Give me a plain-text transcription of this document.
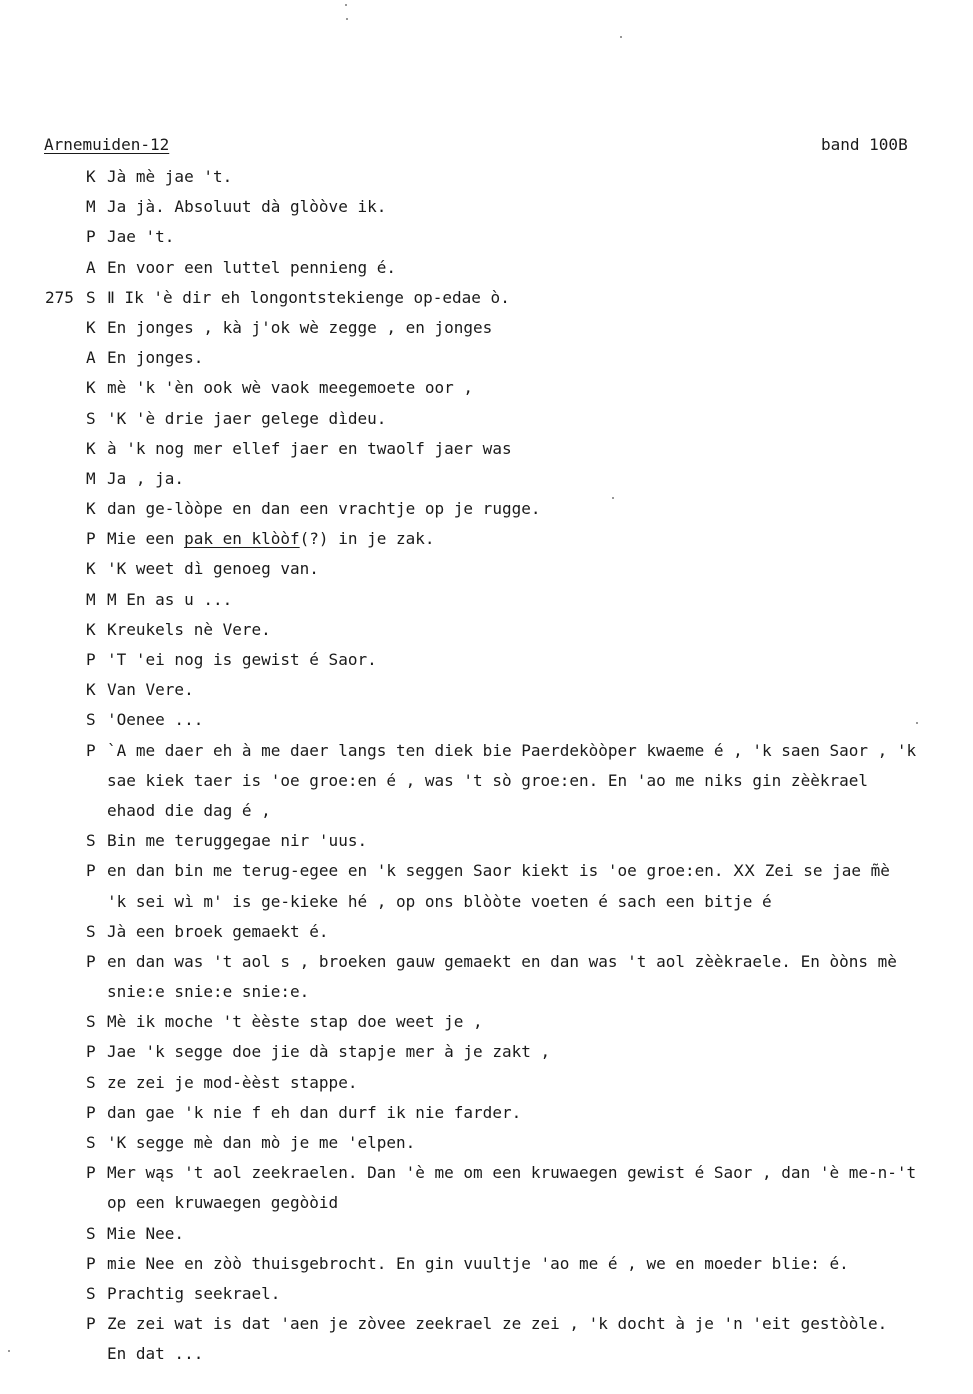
Arnemuiden-12	band 100B
K Jà mè jae 't.
M Ja jà. Absoluut dà glòòve ik.
P Jae 't.
A En voor een luttel pennieng é.
275 S Ⅱ Ik 'è dir eh longontstekienge op-edae ò.
K En jonges , kà j'ok wè zegge , en jonges
A En jonges.
K mè 'k 'èn ook wè vaok meegemoete oor ,
S 'K 'è drie jaer gelege dìdeu.
K à 'k nog mer ellef jaer en twaolf jaer was
M Ja , ja.
K dan ge-lòòpe en dan een vrachtje op je rugge.
P Mie een pak en klòòf(?) in je zak.
K 'K weet dì genoeg van.
M M En as u ...
K Kreukels nè Vere.
P 'T 'ei nog is gewist é Saor.
K Van Vere.
S 'Oenee ...
P `A me daer eh à me daer langs ten diek bie Paerdekòòper kwaeme é , 'k saen Saor , 'k
sae kiek taer is 'oe groe:en é , was 't sò groe:en. En 'ao me niks gin zèèkrael
ehaod die dag é ,
S Bin me teruggegae nir 'uus.
P en dan bin me terug-egee en 'k seggen Saor kiekt is 'oe groe:en. ⅩⅩ Zei se jae m̃è
'k sei wì m' is ge-kieke hé , op ons blòòte voeten é sach een bitje é
S Jà een broek gemaekt é.
P en dan was 't aol s , broeken gauw gemaekt en dan was 't aol zèèkraele. En òòns mè
snie:e snie:e snie:e.
S Mè ik moche 't èèste stap doe weet je ,
P Jae 'k segge doe jie dà stapje mer à je zakt ,
S ze zei je mod-èèst stappe.
P dan gae 'k nie f eh dan durf ik nie farder.
S 'K segge mè dan mò je me 'elpen.
P Mer wąs 't aol zeekraelen. Dan 'è me om een kruwaegen gewist é Saor , dan 'è me-n-'t
op een kruwaegen gegòòid
S Mie Nee.
P mie Nee en zòò thuisgebrocht. En gin vuultje 'ao me é , we en moeder blie: é.
S Prachtig seekrael.
P Ze zei wat is dat 'aen je zòvee zeekrael ze zei , 'k docht à je 'n 'eit gestòòle.
En dat ...
